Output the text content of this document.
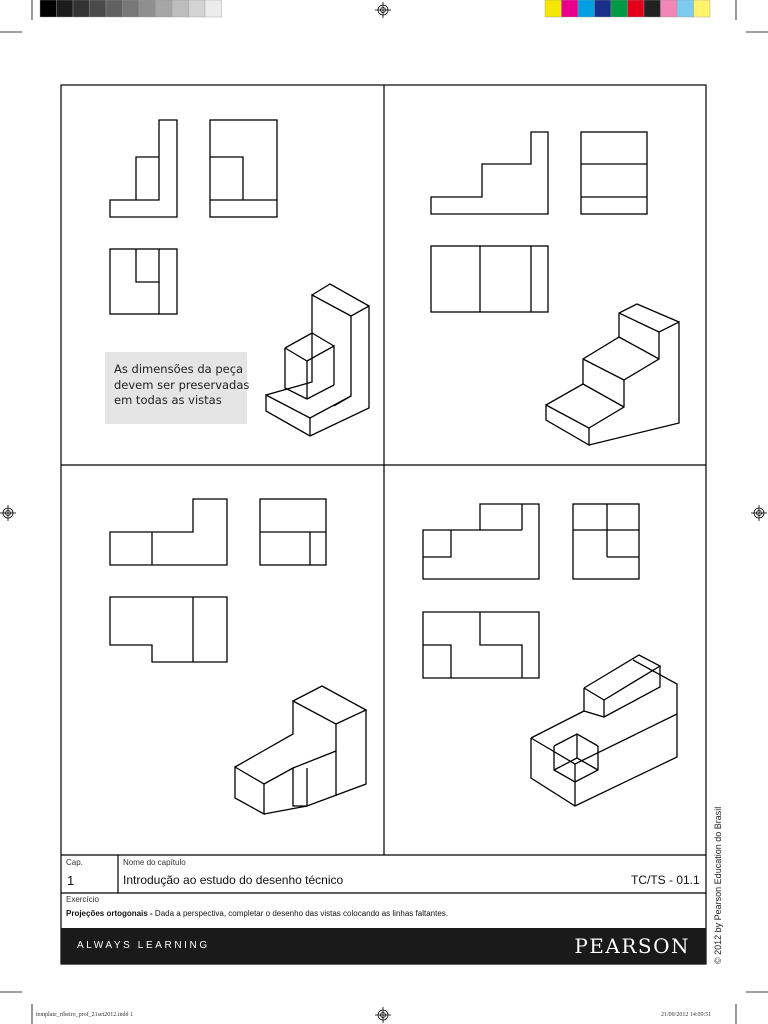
As dimensões da peça
devem ser preservadas
em todas as vistas
Cap.
1
Nome do capítulo
Introdução ao estudo do desenho técnico	TC/TS - 01.1
Exercício
Projeções ortogonais - Dada a perspectiva, completar o desenho das vistas colocando as linhas faltantes.
ALWAYS LEARNING	PEARSON	© 2012 by Pearson Education do Brasil
template_ribeiro_prof_21set2012.indd 1	21/09/2012 14:09:51
